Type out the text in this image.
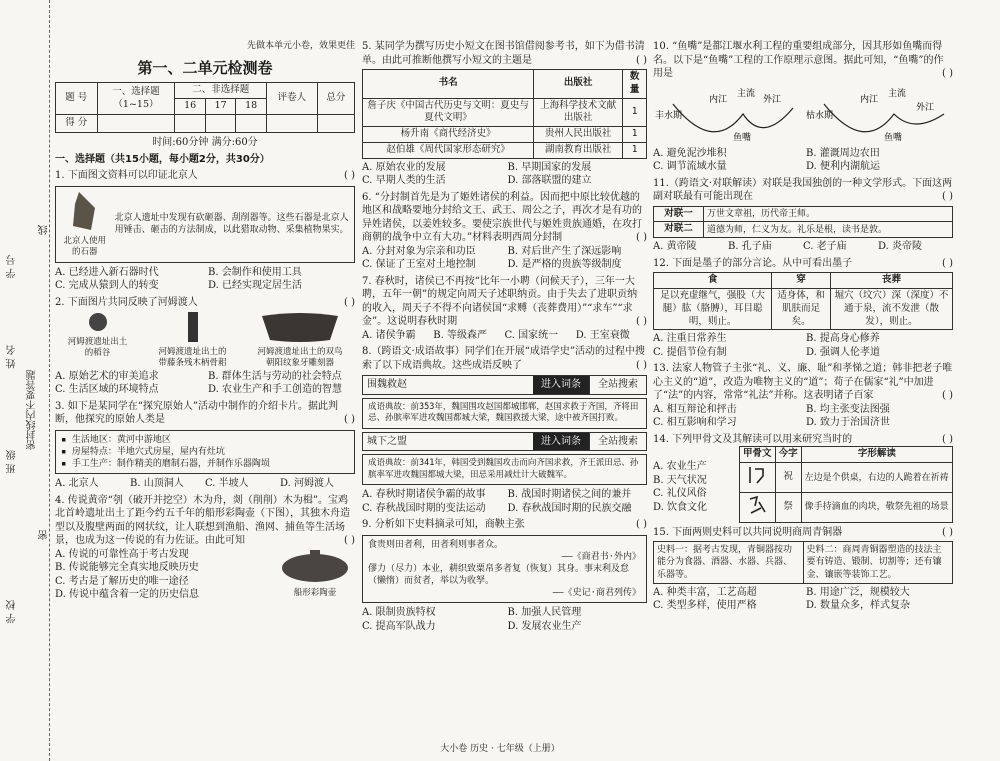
学 号
姓 名
密封线内不要答题
班 级
学 校
线
密
先做本单元小卷，效果更佳
第一、二单元检测卷
题 号	一、选择题
（1~15）	二、非选择题			评卷人	总分
		16	17	18		
得 分						
时间:60分钟 满分:60分
一、选择题（共15小题，每小题2分，共30分）
( )
1. 下面图文资料可以印证北京人
北京人使用的石器
北京人遗址中发现有砍砸器、刮削器等。这些石器是北京人用锤击、砸击的方法制成，以此猎取动物、采集植物果实。
A. 已经进入新石器时代	B. 会制作和使用工具
C. 完成从猿到人的转变	D. 已经实现定居生活
( )
2. 下面图片共同反映了河姆渡人
河姆渡遗址出土
的稻谷	河姆渡遗址出土的
带藤条残木柄骨耜
河姆渡遗址出土的双鸟
朝阳纹象牙雕刻器
A. 原始艺术的审美追求	B. 群体生活与劳动的社会特点
C. 生活区域的环境特点	D. 农业生产和手工创造的智慧
3. 如下是某同学在“探究原始人”活动中制作的介绍卡片。据此判断，他探究的原始人类是	( )
▪ 生活地区：黄河中游地区
▪ 房屋特点：半地穴式房屋，屋内有灶坑
▪ 手工生产：制作精美的磨制石器，并制作乐器陶埙
A. 北京人	B. 山顶洞人	C. 半坡人	D. 河姆渡人
4. 传说黄帝“刳（破开并挖空）木为舟，剡（削削）木为楫”。宝鸡北首岭遗址出土了距今约五千年的船形彩陶壶（下图），其独木舟造型以及腹壁两面的网状纹，让人联想到渔船、渔网、捕鱼等生活场景，也成为这一传说的有力佐证。由此可知	( )
A. 传说的可靠性高于考古发现
B. 传说能够完全真实地反映历史
C. 考古是了解历史的唯一途径
D. 传说中蕴含着一定的历史信息	船形彩陶壶
5. 某同学为撰写历史小短文在图书馆借阅参考书，如下为借书清单。由此可推断他撰写小短文的主题是	( )
书名	出版社	数量
詹子庆《中国古代历史与文明：夏史与夏代文明》	上海科学技术文献出版社	1
杨升南《商代经济史》	贵州人民出版社	1
赵伯雄《周代国家形态研究》	湖南教育出版社	1
A. 原始农业的发展	B. 早期国家的发展
C. 早期人类的生活	D. 部落联盟的建立
6. “分封制首先是为了姬姓诸侯的利益。因而把中原比较优越的地区和战略要地分封给文王、武王、周公之子，再次才是有功的异姓诸侯，以姜姓较多。要使宗族世代与姬姓贵族通婚，在攻打商朝的战争中立有大功。”材料表明西周分封制	( )
A. 分封对象为宗亲和功臣	B. 对后世产生了深远影响
C. 保证了王室对土地控制	D. 是严格的贵族等级制度
7. 春秋时，诸侯已不再按“比年一小聘（问候天子），三年一大聘，五年一朝”的规定向周天子述职纳贡。由于失去了进职贡纳的收入，周天子不得不向诸侯国“求赙（丧葬费用）”“求车”“求金”。这说明春秋时期	( )
A. 诸侯争霸	B. 等级森严	C. 国家统一	D. 王室衰微
8.（跨语文·成语故事）同学们在开展“成语学史”活动的过程中搜索了以下成语典故。这些成语反映了	( )
围魏救赵	进入词条	全站搜索
成语典故：前353年，魏国围攻赵国都城邯郸，赵国求救于齐国，齐将田忌、孙膑率军进攻魏国都城大梁，魏国救援大梁，途中被齐国打败。
城下之盟	进入词条	全站搜索
成语典故：前341年，韩国受到魏国攻击而向齐国求救，齐王派田忌、孙膑率军进攻魏国都城大梁，田忌采用减灶计大破魏军。
A. 春秋时期诸侯争霸的故事	B. 战国时期诸侯之间的兼并
C. 春秋战国时期的变法运动	D. 春秋战国时期的民族交融
9. 分析如下史料摘录可知，商鞅主张	( )
食贵则田者利，田者利则事者众。
——《商君书·外内》
僇力（尽力）本业，耕织致粟帛多者复（恢复）其身。事末利及怠（懒惰）而贫者，举以为收孥。
——《史记·商君列传》
A. 限制贵族特权	B. 加强人民管理
C. 提高军队战力	D. 发展农业生产
10. “鱼嘴”是都江堰水利工程的重要组成部分，因其形如鱼嘴而得名。以下是“鱼嘴”工程的工作原理示意图。据此可知，“鱼嘴”的作用是	( )
丰水期
内江
主流
外江
鱼嘴
枯水期
内江
主流
外江
鱼嘴
A. 避免泥沙堆积	B. 灌溉周边农田
C. 调节流域水量	D. 便利内湖航运
11.（跨语文·对联解读）对联是我国独创的一种文学形式。下面这两副对联最有可能出现在	( )
对联一	万世文章祖，历代帝王师。
对联二	道德为师，仁义为友。礼乐是根，读书是敦。
A. 黄帝陵	B. 孔子庙	C. 老子庙	D. 炎帝陵
12. 下面是墨子的部分言论。从中可看出墨子	( )
食	穿	丧葬
足以充虚继气，强股（大腿）肱（胳膊），耳目聪明，则止。	适身体，和肌肤而足矣。	堀穴（坟穴）深（深度）不通于泉，流不发泄（散发），则止。
A. 注重日常养生	B. 提高身心修养
C. 提倡节俭有制	D. 强调人伦孝道
13. 法家人物管子主张“礼、义、廉、耻”和孝悌之道；韩非把老子唯心主义的“道”，改造为唯物主义的“道”；荀子在儒家“礼”中加进了“法”的内容，常常“礼法”并称。这表明诸子百家	( )
A. 相互辩论和抨击	B. 均主张变法图强
C. 相互影响和学习	D. 致力于治国济世
14. 下列甲骨文及其解读可以用来研究当时的	( )
A. 农业生产
B. 天气状况
C. 礼仪风俗
D. 饮食文化
甲骨文	今字	字形解读
	祝	左边是个供桌，右边的人跪着在祈祷
	祭	像手持滴血的肉块，敬祭先祖的场景
15. 下面两则史料可以共同说明商周青铜器	( )
史料一：据考古发现，青铜器按功能分为食器、酒器、水器、兵器、乐器等。
史料二：商周青铜器塑造的技法主要有铸造、锻制、切割等；还有镶金、镶嵌等装饰工艺。
A. 种类丰富，工艺高超	B. 用途广泛，规模较大
C. 类型多样，使用严格	D. 数量众多，样式复杂
大小卷 历史 · 七年级（上册）
